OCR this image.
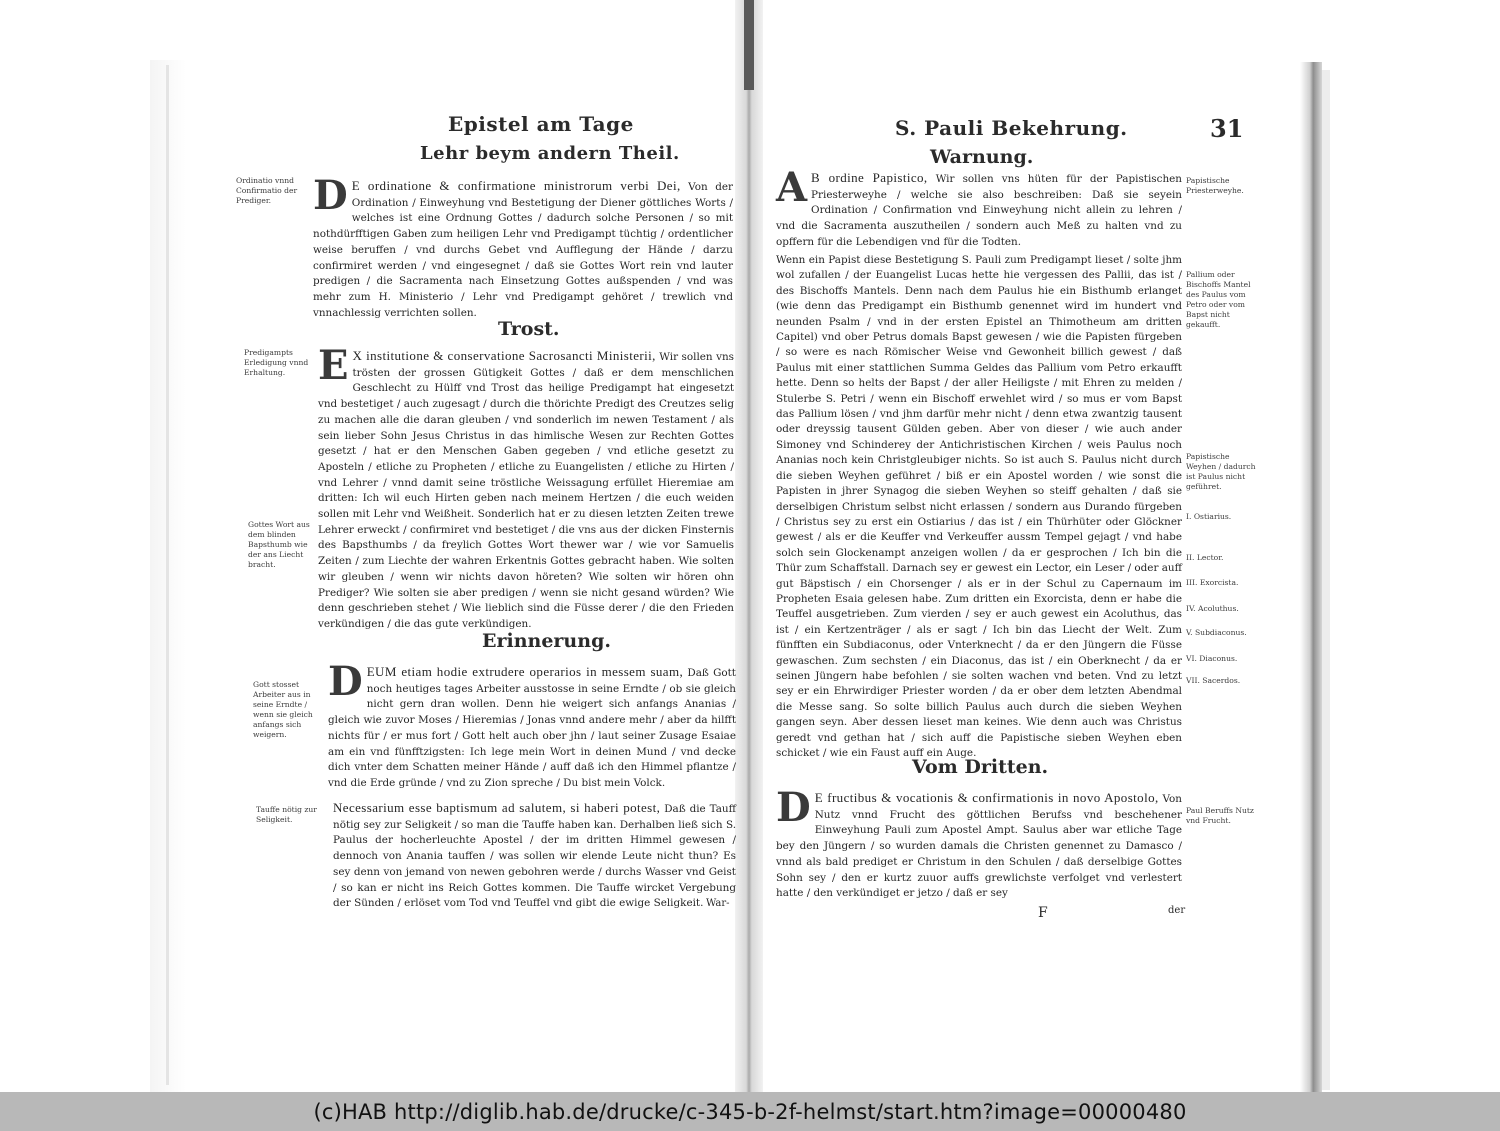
Epistel am Tage
Lehr beym andern Theil.
Ordinatio vnnd Confirmatio der Prediger.	D E ordinatione & confirmatione ministrorum verbi Dei, Von der Ordination / Einweyhung vnd Bestetigung der Diener göttliches Worts / welches ist eine Ordnung Gottes / dadurch solche Personen / so mit nothdürfftigen Gaben zum heiligen Lehr vnd Predigampt tüchtig / ordentlicher weise beruffen / vnd durchs Gebet vnd Aufflegung der Hände / darzu confirmiret werden / vnd eingesegnet / daß sie Gottes Wort rein vnd lauter predigen / die Sacramenta nach Einsetzung Gottes außspenden / vnd was mehr zum H. Ministerio / Lehr vnd Predigampt gehöret / trewlich vnd vnnachlessig verrichten sollen.
Trost.
Predigampts Erledigung vnnd Erhaltung.
Gottes Wort aus dem blinden Bapsthumb wie der ans Liecht bracht.
E X institutione & conservatione Sacrosancti Ministerii, Wir sollen vns trösten der grossen Gütigkeit Gottes / daß er dem menschlichen Geschlecht zu Hülff vnd Trost das heilige Predigampt hat eingesetzt vnd bestetiget / auch zugesagt / durch die thörichte Predigt des Creutzes selig zu machen alle die daran gleuben / vnd sonderlich im newen Testament / als sein lieber Sohn Jesus Christus in das himlische Wesen zur Rechten Gottes gesetzt / hat er den Menschen Gaben gegeben / vnd etliche gesetzt zu Aposteln / etliche zu Propheten / etliche zu Euangelisten / etliche zu Hirten / vnd Lehrer / vnnd damit seine tröstliche Weissagung erfüllet Hieremiae am dritten: Ich wil euch Hirten geben nach meinem Hertzen / die euch weiden sollen mit Lehr vnd Weißheit. Sonderlich hat er zu diesen letzten Zeiten trewe Lehrer erweckt / confirmiret vnd bestetiget / die vns aus der dicken Finsternis des Bapsthumbs / da freylich Gottes Wort thewer war / wie vor Samuelis Zeiten / zum Liechte der wahren Erkentnis Gottes gebracht haben. Wie solten wir gleuben / wenn wir nichts davon höreten? Wie solten wir hören ohn Prediger? Wie solten sie aber predigen / wenn sie nicht gesand würden? Wie denn geschrieben stehet / Wie lieblich sind die Füsse derer / die den Frieden verkündigen / die das gute verkündigen.
Erinnerung.
Gott stosset Arbeiter aus in seine Erndte / wenn sie gleich anfangs sich weigern.
DEUM etiam hodie extrudere operarios in messem suam, Daß Gott noch heutiges tages Arbeiter ausstosse in seine Erndte / ob sie gleich nicht gern dran wollen. Denn hie weigert sich anfangs Ananias / gleich wie zuvor Moses / Hieremias / Jonas vnnd andere mehr / aber da hilfft nichts für / er mus fort / Gott helt auch ober jhn / laut seiner Zusage Esaiae am ein vnd fünfftzigsten: Ich lege mein Wort in deinen Mund / vnd decke dich vnter dem Schatten meiner Hände / auff daß ich den Himmel pflantze / vnd die Erde gründe / vnd zu Zion spreche / Du bist mein Volck.
Tauffe nötig zur Seligkeit.
Necessarium esse baptismum ad salutem, si haberi potest, Daß die Tauff nötig sey zur Seligkeit / so man die Tauffe haben kan. Derhalben ließ sich S. Paulus der hocherleuchte Apostel / der im dritten Himmel gewesen / dennoch von Anania tauffen / was sollen wir elende Leute nicht thun? Es sey denn von jemand von newen gebohren werde / durchs Wasser vnd Geist / so kan er nicht ins Reich Gottes kommen. Die Tauffe wircket Vergebung der Sünden / erlöset vom Tod vnd Teuffel vnd gibt die ewige Seligkeit. War-
S. Pauli Bekehrung.	31
Warnung.
Papistische Priesterweyhe.
A B ordine Papistico, Wir sollen vns hüten für der Papistischen Priesterweyhe / welche sie also beschreiben: Daß sie seyein Ordination / Confirmation vnd Einweyhung nicht allein zu lehren / vnd die Sacramenta auszutheilen / sondern auch Meß zu halten vnd zu opffern für die Lebendigen vnd für die Todten.
Pallium oder Bischoffs Mantel des Paulus vom Petro oder vom Bapst nicht gekaufft.
Papistische Weyhen / dadurch ist Paulus nicht geführet.
Wenn ein Papist diese Bestetigung S. Pauli zum Predigampt lieset / solte jhm wol zufallen / der Euangelist Lucas hette hie vergessen des Pallii, das ist / des Bischoffs Mantels. Denn nach dem Paulus hie ein Bisthumb erlanget (wie denn das Predigampt ein Bisthumb genennet wird im hundert vnd neunden Psalm / vnd in der ersten Epistel an Thimotheum am dritten Capitel) vnd ober Petrus domals Bapst gewesen / wie die Papisten fürgeben / so were es nach Römischer Weise vnd Gewonheit billich gewest / daß Paulus mit einer stattlichen Summa Geldes das Pallium vom Petro erkaufft hette. Denn so helts der Bapst / der aller Heiligste / mit Ehren zu melden / Stulerbe S. Petri / wenn ein Bischoff erwehlet wird / so mus er vom Bapst das Pallium lösen / vnd jhm darfür mehr nicht / denn etwa zwantzig tausent oder dreyssig tausent Gülden geben. Aber von dieser / wie auch ander Simoney vnd Schinderey der Antichristischen Kirchen / weis Paulus noch Ananias noch kein Christgleubiger nichts. So ist auch S. Paulus nicht durch die sieben Weyhen geführet / biß er ein Apostel worden / wie sonst die Papisten in jhrer Synagog die sieben Weyhen so steiff gehalten / daß sie derselbigen Christum selbst nicht erlassen / sondern aus Durando fürgeben / Christus sey zu erst ein Ostiarius / das ist / ein Thürhüter oder Glöckner gewest / als er die Keuffer vnd Verkeuffer aussm Tempel gejagt / vnd habe solch sein Glockenampt anzeigen wollen / da er gesprochen / Ich bin die Thür zum Schaffstall. Darnach sey er gewest ein Lector, ein Leser / oder auff gut Bäpstisch / ein Chorsenger / als er in der Schul zu Capernaum im Propheten Esaia gelesen habe. Zum dritten ein Exorcista, denn er habe die Teuffel ausgetrieben. Zum vierden / sey er auch gewest ein Acoluthus, das ist / ein Kertzenträger / als er sagt / Ich bin das Liecht der Welt. Zum fünfften ein Subdiaconus, oder Vnterknecht / da er den Jüngern die Füsse gewaschen. Zum sechsten / ein Diaconus, das ist / ein Oberknecht / da er seinen Jüngern habe befohlen / sie solten wachen vnd beten. Vnd zu letzt sey er ein Ehrwirdiger Priester worden / da er ober dem letzten Abendmal die Messe sang. So solte billich Paulus auch durch die sieben Weyhen gangen seyn. Aber dessen lieset man keines. Wie denn auch was Christus geredt vnd gethan hat / sich auff die Papistische sieben Weyhen eben schicket / wie ein Faust auff ein Auge.
I. Ostiarius.
II. Lector.
III. Exorcista.
IV. Acoluthus.
V. Subdiaconus.
VI. Diaconus.
VII. Sacerdos.
Vom Dritten.
Paul Beruffs Nutz vnd Frucht.
D E fructibus & vocationis & confirmationis in novo Apostolo, Von Nutz vnnd Frucht des göttlichen Berufss vnd beschehener Einweyhung Pauli zum Apostel Ampt. Saulus aber war etliche Tage bey den Jüngern / so wurden damals die Christen genennet zu Damasco / vnnd als bald prediget er Christum in den Schulen / daß derselbige Gottes Sohn sey / den er kurtz zuuor auffs grewlichste verfolget vnd verlestert hatte / den verkündiget er jetzo / daß er sey
F	der
(c)HAB http://diglib.hab.de/drucke/c-345-b-2f-helmst/start.htm?image=00000480
